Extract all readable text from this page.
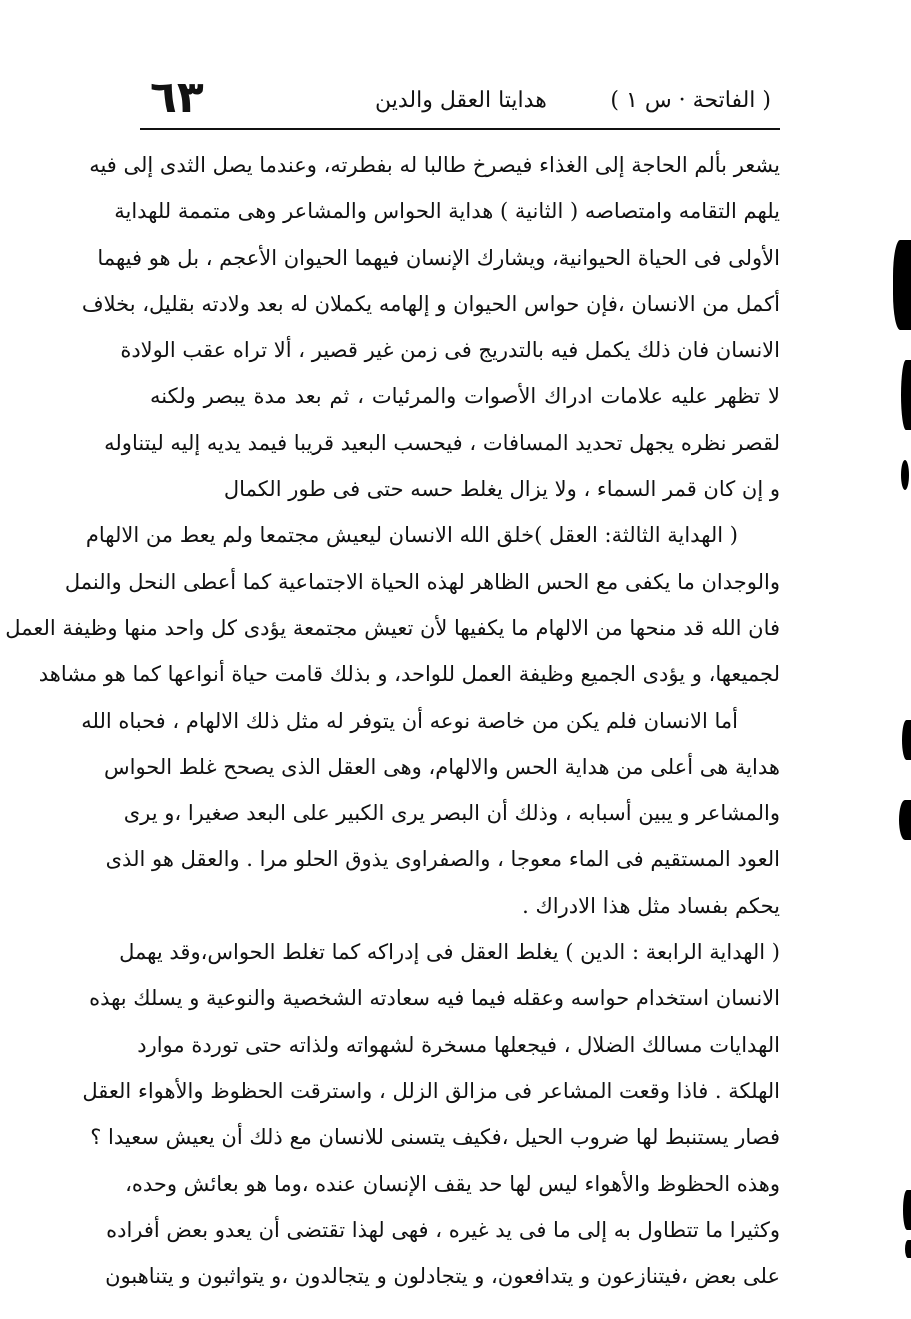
٦٣	هدايتا العقل والدين	( الفاتحة · س ١ )
يشعر بألم الحاجة إلى الغذاء فيصرخ طالبا له بفطرته، وعندما يصل الثدى إلى فيه
يلهم التقامه وامتصاصه ( الثانية ) هداية الحواس والمشاعر وهى متممة للهداية
الأولى فى الحياة الحيوانية، ويشارك الإنسان فيهما الحيوان الأعجم ، بل هو فيهما
أكمل من الانسان ،فإن حواس الحيوان و إلهامه يكملان له بعد ولادته بقليل، بخلاف
الانسان فان ذلك يكمل فيه بالتدريج فى زمن غير قصير ، ألا تراه عقب الولادة
لا تظهر عليه علامات ادراك الأصوات والمرئيات ، ثم بعد مدة يبصر ولكنه
لقصر نظره يجهل تحديد المسافات ، فيحسب البعيد قريبا فيمد يديه إليه ليتناوله
و إن كان قمر السماء ، ولا يزال يغلط حسه حتى فى طور الكمال
( الهداية الثالثة: العقل )خلق الله الانسان ليعيش مجتمعا ولم يعط من الالهام
والوجدان ما يكفى مع الحس الظاهر لهذه الحياة الاجتماعية كما أعطى النحل والنمل
فان الله قد منحها من الالهام ما يكفيها لأن تعيش مجتمعة يؤدى كل واحد منها وظيفة العمل
لجميعها، و يؤدى الجميع وظيفة العمل للواحد، و بذلك قامت حياة أنواعها كما هو مشاهد
أما الانسان فلم يكن من خاصة نوعه أن يتوفر له مثل ذلك الالهام ، فحباه الله
هداية هى أعلى من هداية الحس والالهام، وهى العقل الذى يصحح غلط الحواس
والمشاعر و يبين أسبابه ، وذلك أن البصر يرى الكبير على البعد صغيرا ،و يرى
العود المستقيم فى الماء معوجا ، والصفراوى يذوق الحلو مرا . والعقل هو الذى
يحكم بفساد مثل هذا الادراك .
( الهداية الرابعة : الدين ) يغلط العقل فى إدراكه كما تغلط الحواس،وقد يهمل
الانسان استخدام حواسه وعقله فيما فيه سعادته الشخصية والنوعية و يسلك بهذه
الهدايات مسالك الضلال ، فيجعلها مسخرة لشهواته ولذاته حتى توردة موارد
الهلكة . فاذا وقعت المشاعر فى مزالق الزلل ، واسترقت الحظوظ والأهواء العقل
فصار يستنبط لها ضروب الحيل ،فكيف يتسنى للانسان مع ذلك أن يعيش سعيدا ؟
وهذه الحظوظ والأهواء ليس لها حد يقف الإنسان عنده ،وما هو بعائش وحده،
وكثيرا ما تتطاول به إلى ما فى يد غيره ، فهى لهذا تقتضى أن يعدو بعض أفراده
على بعض ،فيتنازعون و يتدافعون، و يتجادلون و يتجالدون ،و يتواثبون و يتناهبون
